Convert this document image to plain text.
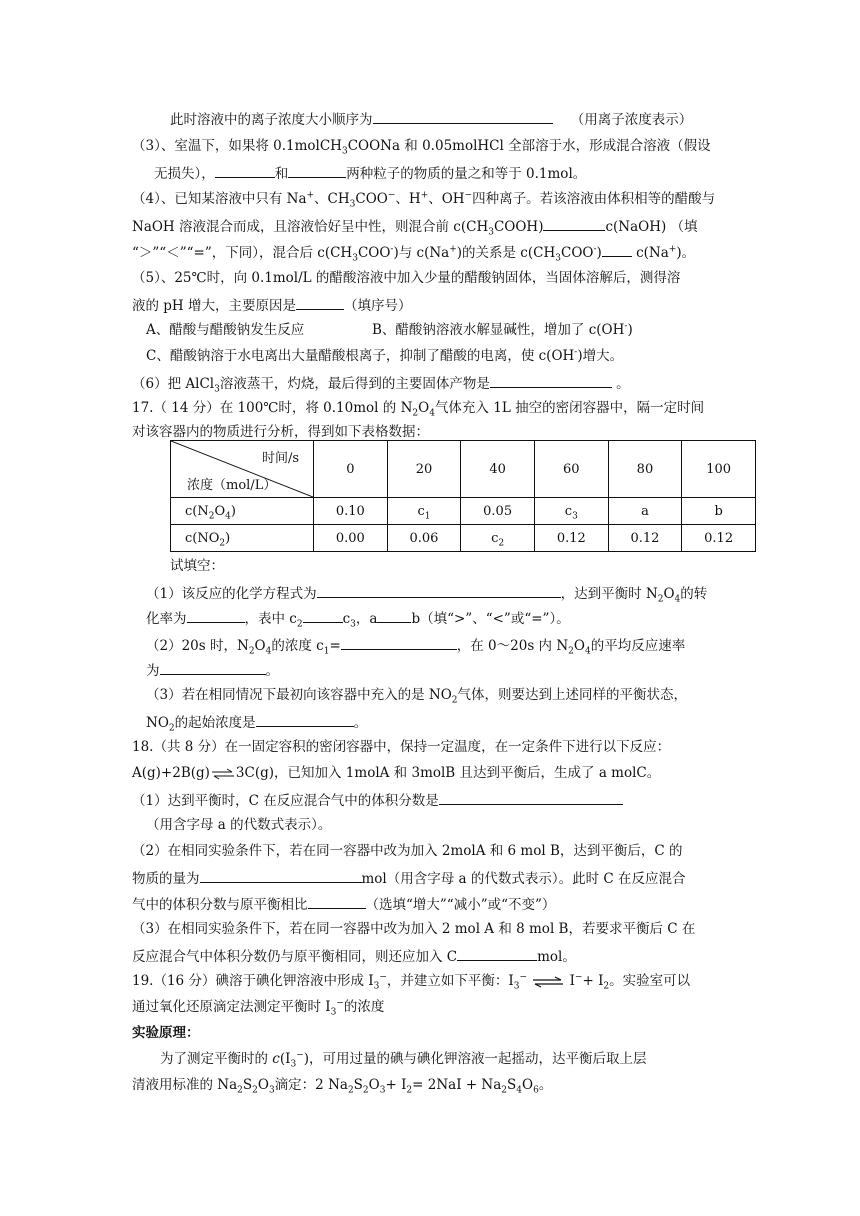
此时溶液中的离子浓度大小顺序为	（用离子浓度表示）
（3）、室温下，如果将 0.1molCH$_3$COONa 和 0.05molHCl 全部溶于水，形成混合溶液（假设
无损失），	和	两种粒子的物质的量之和等于 0.1mol。
（4）、已知某溶液中只有 Na+、$CH_3COO^-$、H+、OH−四种离子。若该溶液由体积相等的醋酸与
NaOH 溶液混合而成，且溶液恰好呈中性，则混合前 $c(CH_3COOH)$	c(NaOH) （填
“＞”“＜”“=”，下同），混合后 $c(CH_3COO^-)$与 c(Na+)的关系是 $c(CH_3COO^-)$	c(Na+)。
（5）、25℃时，向 0.1mol/L 的醋酸溶液中加入少量的醋酸钠固体，当固体溶解后，测得溶
液的 pH 增大，主要原因是	（填序号）
A、醋酸与醋酸钠发生反应	B、醋酸钠溶液水解显碱性，增加了 c(OH-)
C、醋酸钠溶于水电离出大量醋酸根离子，抑制了醋酸的电离，使 c(OH-)增大。
（6）把 AlCl$_3$溶液蒸干，灼烧，最后得到的主要固体产物是	。
17.（ 14 分）在 100℃时，将 0.10mol 的 $N_2O_4$气体充入 1L 抽空的密闭容器中，隔一定时间
对该容器内的物质进行分析，得到如下表格数据：
时间/s
浓度（mol/L）	0	20	40	60	80	100
$c(N_2O_4)$	0.10	$c_1$	0.05	$c_3$	a	b
$c(NO_2)$	0.00	0.06	$c_2$	0.12	0.12	0.12
试填空：
（1）该反应的化学方程式为	，达到平衡时 $N_2O_4$的转
化率为	，表中 $c_2$	$c_3$，a	b（填“>”、“<”或“=”）。
（2）20s 时，$N_2O_4$的浓度 $c_1=$	，在 0～20s 内 $N_2O_4$的平均反应速率
为	。
（3）若在相同情况下最初向该容器中充入的是 $NO_2$气体，则要达到上述同样的平衡状态，
$NO_2$的起始浓度是	。
18.（共 8 分）在一固定容积的密闭容器中，保持一定温度，在一定条件下进行以下反应：
A(g)+2B(g)⇌3C(g)，已知加入 1molA 和 3molB 且达到平衡后，生成了 a molC。
（1）达到平衡时，C 在反应混合气中的体积分数是
（用含字母 a 的代数式表示）。
（2）在相同实验条件下，若在同一容器中改为加入 2molA 和 6 mol B，达到平衡后，C 的
物质的量为	mol（用含字母 a 的代数式表示）。此时 C 在反应混合
气中的体积分数与原平衡相比	（选填“增大”“减小”或“不变”）
（3）在相同实验条件下，若在同一容器中改为加入 2 mol A 和 8 mol B，若要求平衡后 C 在
反应混合气中体积分数仍与原平衡相同，则还应加入 C	mol。
19.（16 分）碘溶于碘化钾溶液中形成 $I_3^-$，并建立如下平衡：$I_3^-$ ⇌ $I^-+ I_2$。实验室可以
通过氧化还原滴定法测定平衡时 $I_3^-$的浓度
实验原理：
为了测定平衡时的 $c(I_3^-)$，可用过量的碘与碘化钾溶液一起摇动，达平衡后取上层
清液用标准的 $Na_2S_2O_3$滴定：2 $Na_2S_2O_3+ I_2= 2NaI + Na_2S_4O_6$。
